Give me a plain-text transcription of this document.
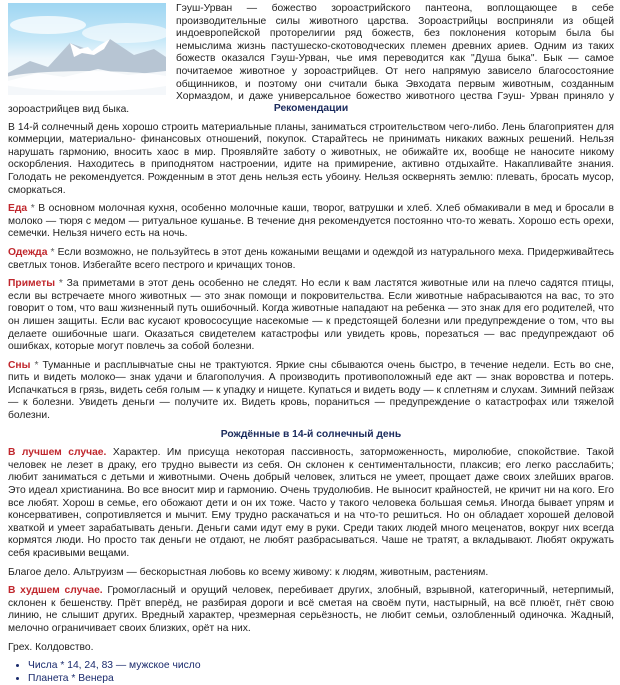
Гэуш-Урван — божество зороастрийского пантеона, воплощающее в себе производительные силы животного царства. Зороастрийцы восприняли из общей индоевропейской протор​елигии ряд божеств, без поклонения которым была бы немыслима жизнь пастушеско-скотоводческих племен древних ариев. Одним из таких божеств оказался Гэуш-Урван, чье имя переводится как "Душа быка". Бык — самое почитаемое животное у зороастрийцев. От него напрямую зависело благосостояние общинников, и поэтому они считали быка Эвходата первым животным, созданным Хормаздом, и даже универсальное божество животного цества Гэуш- Урван приняло у зороастрийцев вид быка.	Рекомендации

В 14-й солнечный день хорошо строить материальные планы, заниматься строительством чего-либо. Лень благоприятен для коммерции, материально- финансовых отношений, покупок. Старайтесь не принимать никаких важных решений. Нельзя нарушать гармонию, вносить хаос в мир. Проявляйте заботу о животных, не обижайте их, вообще не наносите никому оскорбления. Находитесь в приподнятом настроении, идите на примирение, активно отдыхайте. Накапливайте знания. Голодать не рекомендуется. Рожденным в этот день нельзя есть убоину. Нельзя осквернять землю: плевать, бросать мусор, сморкаться.

Еда * В основном молочная кухня, особенно молочные каши, творог, ватрушки и хлеб. Хлеб обмакивали в мед и бросали в молоко — тюря с медом — ритуальное кушанье. В течение дня рекомендуется постоянно что-то жевать. Хорошо есть орехи, семечки. Нельзя ничего есть на ночь.

Одежда * Если возможно, не пользуйтесь в этот день кожаными вещами и одеждой из натурального меха. Придерживайтесь светлых тонов. Избегайте всего пестрого и крича​щих тонов.

Приметы * За приметами в этот день особенно не следят. Но если к вам ластятся животные или на плечо садятся птицы, если вы встречаете много животных — это знак помощи и покровительства. Если животные набрасываются на вас, то это говорит о том, что ваш жизненный путь ошибочный. Когда животные нападают на ребенка — это знак для его родителей, что он лишен защиты. Если вас кусают кровососущие насекомые — к предстоящей болезни или предупреждение о том, что вы делаете ошибочные шаги. Оказаться свидетелем катастрофы или увидеть кровь, порезаться — вас предупреждают об ошибках, которые могут повлечь за собой болезни.

Сны * Туманные и расплывчатые сны не трактуются. Яркие сны сбываются очень быстро, в течение недели. Есть во сне, пить и видеть молоко— знак удачи и благополучия. А производить противоположный еде акт — знак воровства и потерь. Испачкаться в грязь, видеть себя голым — к упадку и нищете. Купаться и видеть воду — к сплетням и слухам. Зимний пейзаж — к болезни. Увидеть деньги — получите их. Видеть кровь, пораниться — предупреждение о катастрофах или тяжелой болезни.

Рождённые в 14-й солнечный день

В лучшем случае. Характер. Им присуща некоторая пассивность, заторможенность, миролюбие, спокойствие. Такой человек не лезет в драку, его трудно вывести из себя. Он склонен к сентиментальности, плаксив; его легко расслабить; любит заниматься с детьми и животными. Очень добрый человек, злиться не умеет, прощает даже своих злейших врагов. Это идеал христианина. Во все вносит мир и гармонию. Очень трудолюбив. Не выносит крайностей, не кричит ни на кого. Его все любят. Хорош в семье, его обожают дети и он их тоже. Часто у такого человека большая семья. Иногда бывает упрям и консервативен, сопротивляется и мычит. Ему трудно раскачаться и на что-то решиться. Но он обладает хорошей деловой хваткой и умеет зарабатывать деньги. Деньги сами идут ему в руки. Среди таких людей много меценатов, вокруг них всегда кормятся люди. Но просто так деньги не отдают, не любят разбрасываться. Чаше не тратят, а вкладывают. Любят окружать себя красивыми вещами.

Благое дело. Альтруизм — бескорыстная любовь ко всему живому: к людям, животным, растениям.

В худшем случае. Громогласный и орущий человек, перебивает других, злобный, взрывной, категоричный, нетерпимый, склонен к бешенству. Прёт вперёд, не разбирая дороги и всё сметая на своём пути, настырный, на всё плюёт, гнёт свою линию, не слышит других. Вредный характер, чрезмерная серьёзность, не любит семьи, озлобленный одиночка. Жадный, мелочно ограничивает своих близких, орёт на них.

Грех. Колдовство.

• Числа * 14, 24, 83 — мужское число
• Планета * Венера
